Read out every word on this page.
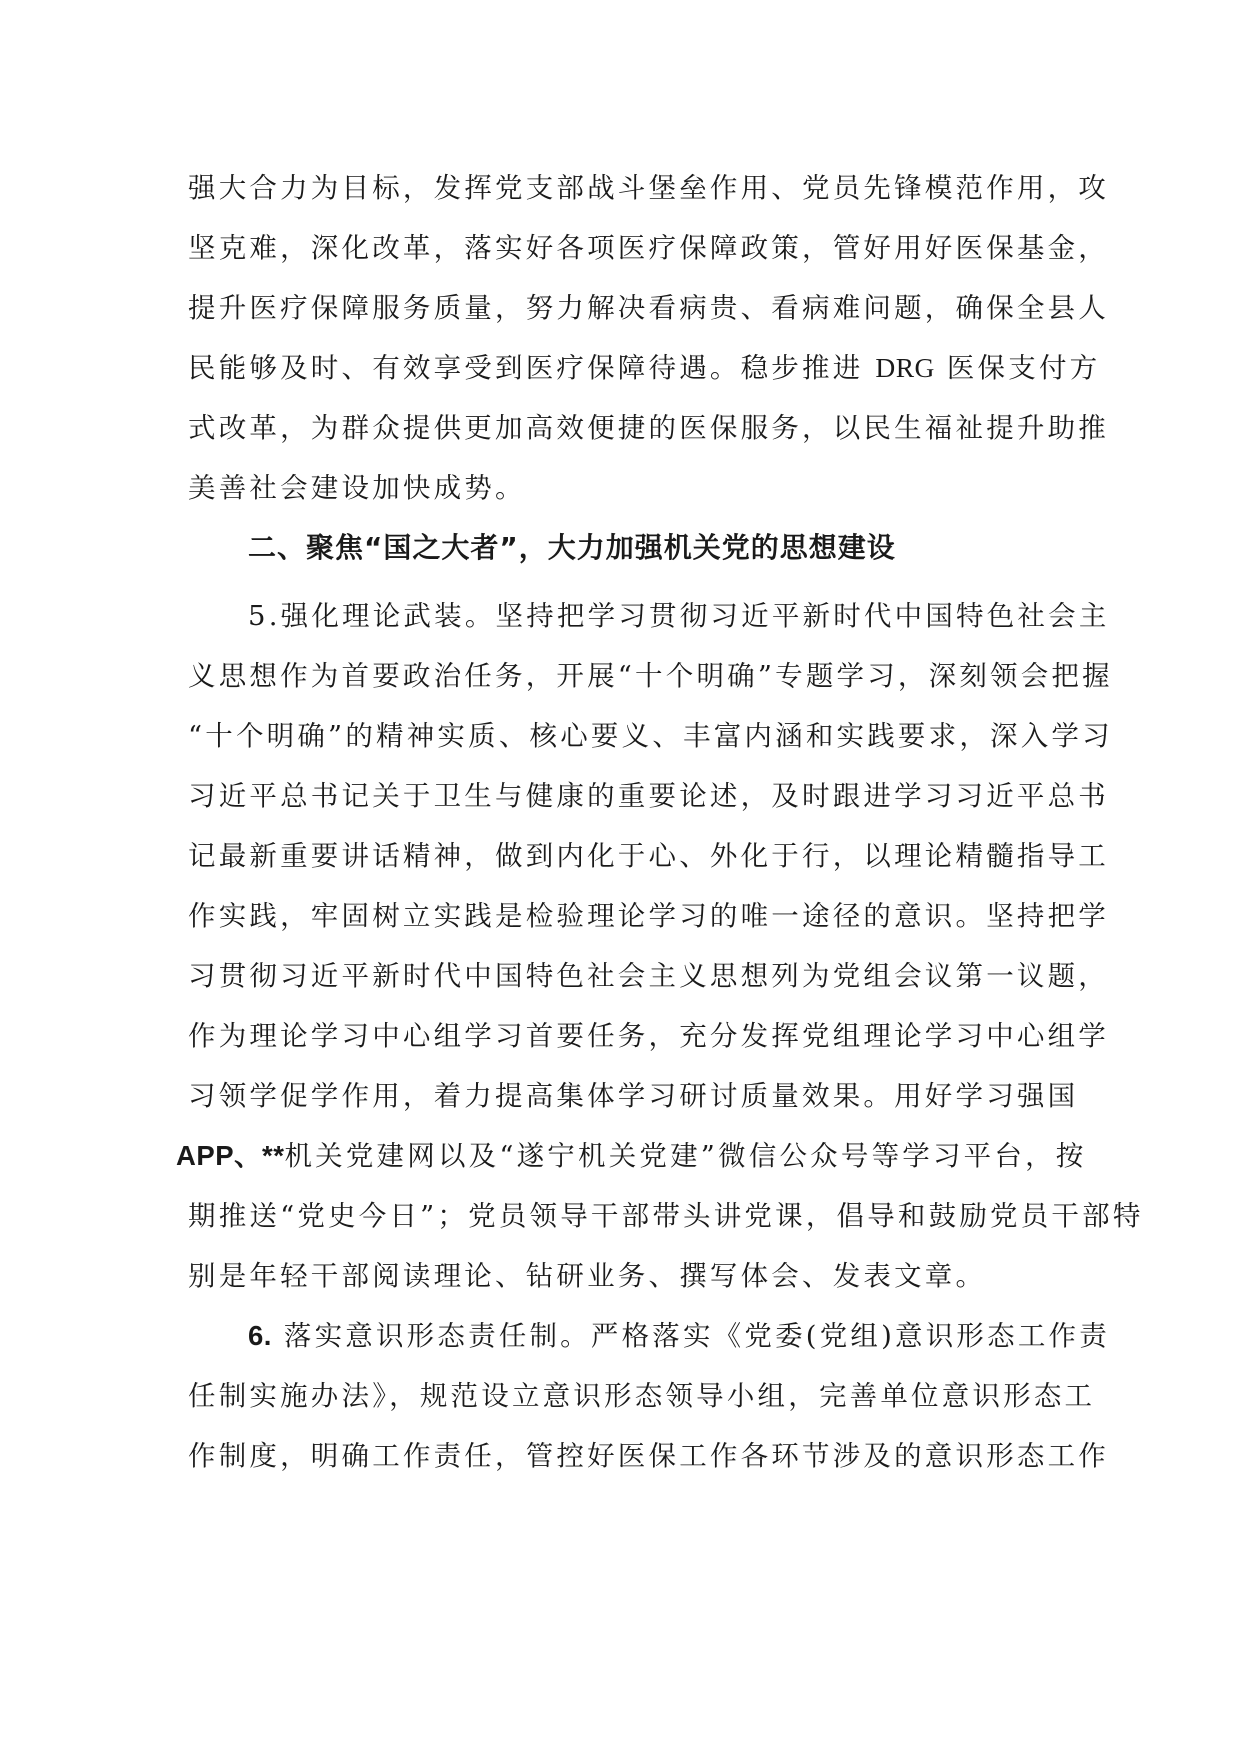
强大合力为目标，发挥党支部战斗堡垒作用、党员先锋模范作用，攻
坚克难，深化改革，落实好各项医疗保障政策，管好用好医保基金，
提升医疗保障服务质量，努力解决看病贵、看病难问题，确保全县人
民能够及时、有效享受到医疗保障待遇。稳步推进 DRG 医保支付方
式改革，为群众提供更加高效便捷的医保服务，以民生福祉提升助推
美善社会建设加快成势。
二、聚焦“国之大者”，大力加强机关党的思想建设
5.强化理论武装。坚持把学习贯彻习近平新时代中国特色社会主
义思想作为首要政治任务，开展“十个明确”专题学习，深刻领会把握
“十个明确”的精神实质、核心要义、丰富内涵和实践要求，深入学习
习近平总书记关于卫生与健康的重要论述，及时跟进学习习近平总书
记最新重要讲话精神，做到内化于心、外化于行，以理论精髓指导工
作实践，牢固树立实践是检验理论学习的唯一途径的意识。坚持把学
习贯彻习近平新时代中国特色社会主义思想列为党组会议第一议题，
作为理论学习中心组学习首要任务，充分发挥党组理论学习中心组学
习领学促学作用，着力提高集体学习研讨质量效果。用好学习强国
APP、**机关党建网以及“遂宁机关党建”微信公众号等学习平台，按
期推送“党史今日”；党员领导干部带头讲党课，倡导和鼓励党员干部特
别是年轻干部阅读理论、钻研业务、撰写体会、发表文章。
6. 落实意识形态责任制。严格落实《党委(党组)意识形态工作责
任制实施办法》，规范设立意识形态领导小组，完善单位意识形态工
作制度，明确工作责任，管控好医保工作各环节涉及的意识形态工作
